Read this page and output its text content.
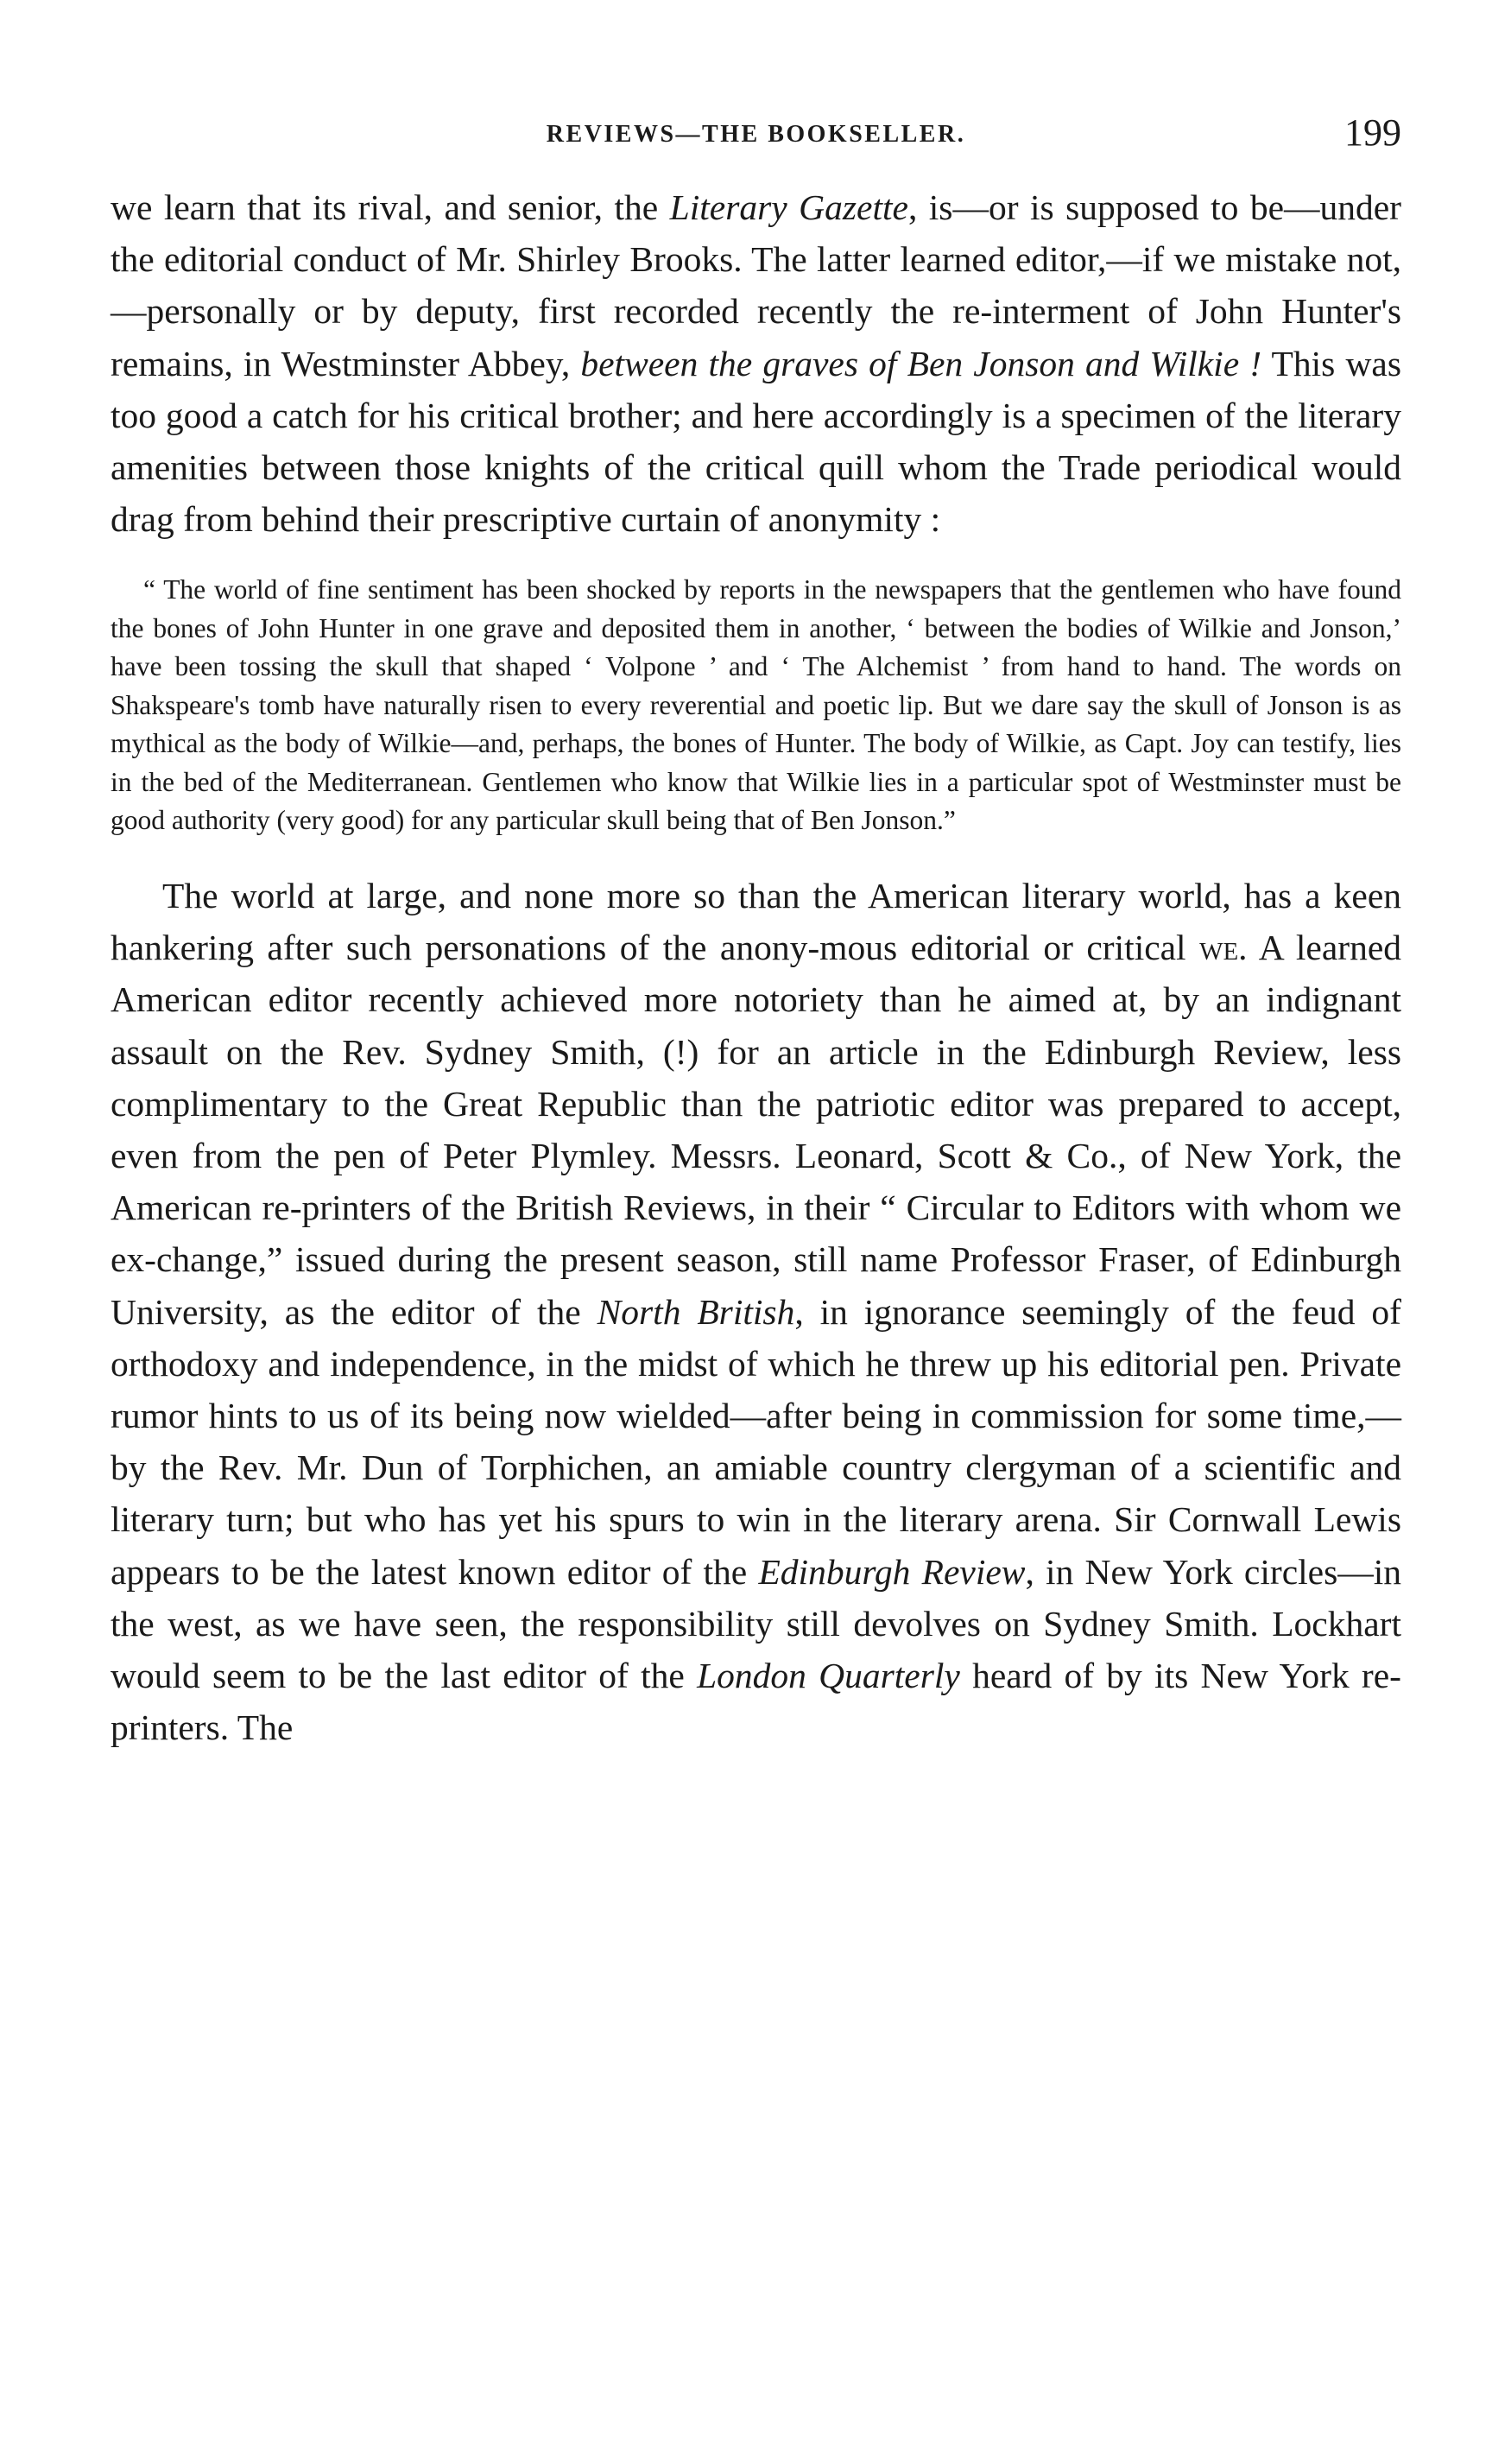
REVIEWS—THE BOOKSELLER.	199

we learn that its rival, and senior, the Literary Gazette, is—or is supposed to be—under the editorial conduct of Mr. Shirley Brooks. The latter learned editor,—if we mistake not,—personally or by deputy, first recorded recently the re-interment of John Hunter's remains, in Westminster Abbey, between the graves of Ben Jonson and Wilkie ! This was too good a catch for his critical brother; and here accordingly is a specimen of the literary amenities between those knights of the critical quill whom the Trade periodical would drag from behind their prescriptive curtain of anonymity :

“ The world of fine sentiment has been shocked by reports in the newspapers that the gentlemen who have found the bones of John Hunter in one grave and deposited them in another, ‘ between the bodies of Wilkie and Jonson,’ have been tossing the skull that shaped ‘ Volpone ’ and ‘ The Alchemist ’ from hand to hand. The words on Shakspeare's tomb have naturally risen to every reverential and poetic lip. But we dare say the skull of Jonson is as mythical as the body of Wilkie—and, perhaps, the bones of Hunter. The body of Wilkie, as Capt. Joy can testify, lies in the bed of the Mediterranean. Gentlemen who know that Wilkie lies in a particular spot of Westminster must be good authority (very good) for any particular skull being that of Ben Jonson.”

The world at large, and none more so than the American literary world, has a keen hankering after such personations of the anony-mous editorial or critical we. A learned American editor recently achieved more notoriety than he aimed at, by an indignant assault on the Rev. Sydney Smith, (!) for an article in the Edinburgh Review, less complimentary to the Great Republic than the patriotic editor was prepared to accept, even from the pen of Peter Plymley. Messrs. Leonard, Scott & Co., of New York, the American re-printers of the British Reviews, in their “ Circular to Editors with whom we ex-change,” issued during the present season, still name Professor Fraser, of Edinburgh University, as the editor of the North British, in ignorance seemingly of the feud of orthodoxy and independence, in the midst of which he threw up his editorial pen. Private rumor hints to us of its being now wielded—after being in commission for some time,—by the Rev. Mr. Dun of Torphichen, an amiable country clergyman of a scientific and literary turn; but who has yet his spurs to win in the literary arena. Sir Cornwall Lewis appears to be the latest known editor of the Edinburgh Review, in New York circles—in the west, as we have seen, the responsibility still devolves on Sydney Smith. Lockhart would seem to be the last editor of the London Quarterly heard of by its New York re-printers. The
